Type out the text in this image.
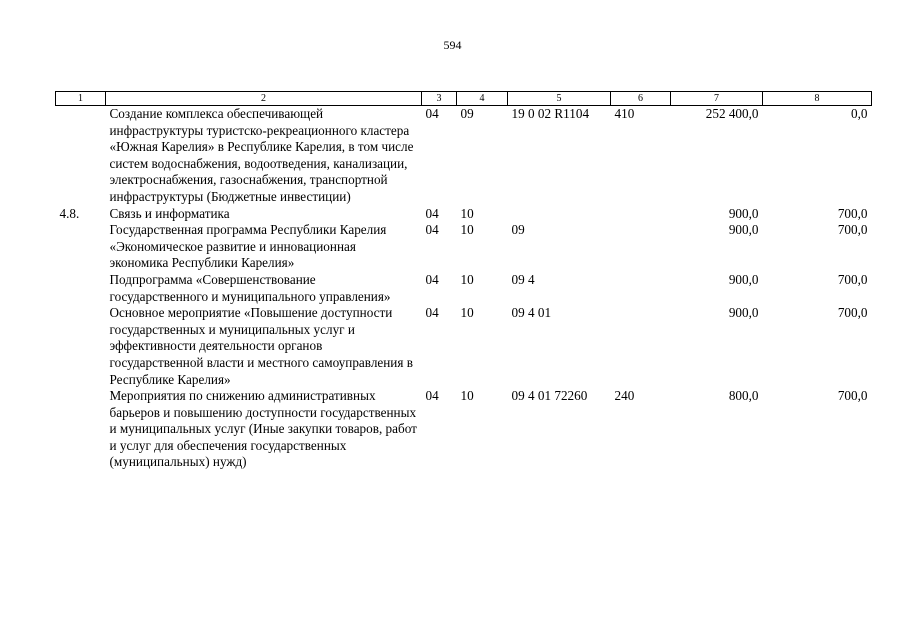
594
1	2	3	4	5	6	7	8
	Создание комплекса обеспечивающей инфраструктуры туристско-рекреационного кластера «Южная Карелия» в Республике Карелия, в том числе систем водоснабжения, водоотведения, канализации, электроснабжения, газоснабжения, транспортной инфраструктуры (Бюджетные инвестиции)	04	09	19 0 02 R1104	410	252 400,0	0,0
4.8.	Связь и информатика	04	10			900,0	700,0
	Государственная программа Республики Карелия «Экономическое развитие и инновационная экономика Республики Карелия»	04	10	09		900,0	700,0
	Подпрограмма «Совершенствование государственного и муниципального управления»	04	10	09 4		900,0	700,0
	Основное мероприятие «Повышение доступности государственных и муниципальных услуг и эффективности деятельности органов государственной власти и местного самоуправления в Республике Карелия»	04	10	09 4 01		900,0	700,0
	Мероприятия по снижению административных барьеров и повышению доступности государственных и муниципальных услуг (Иные закупки товаров, работ и услуг для обеспечения государственных (муниципальных) нужд)	04	10	09 4 01 72260	240	800,0	700,0
